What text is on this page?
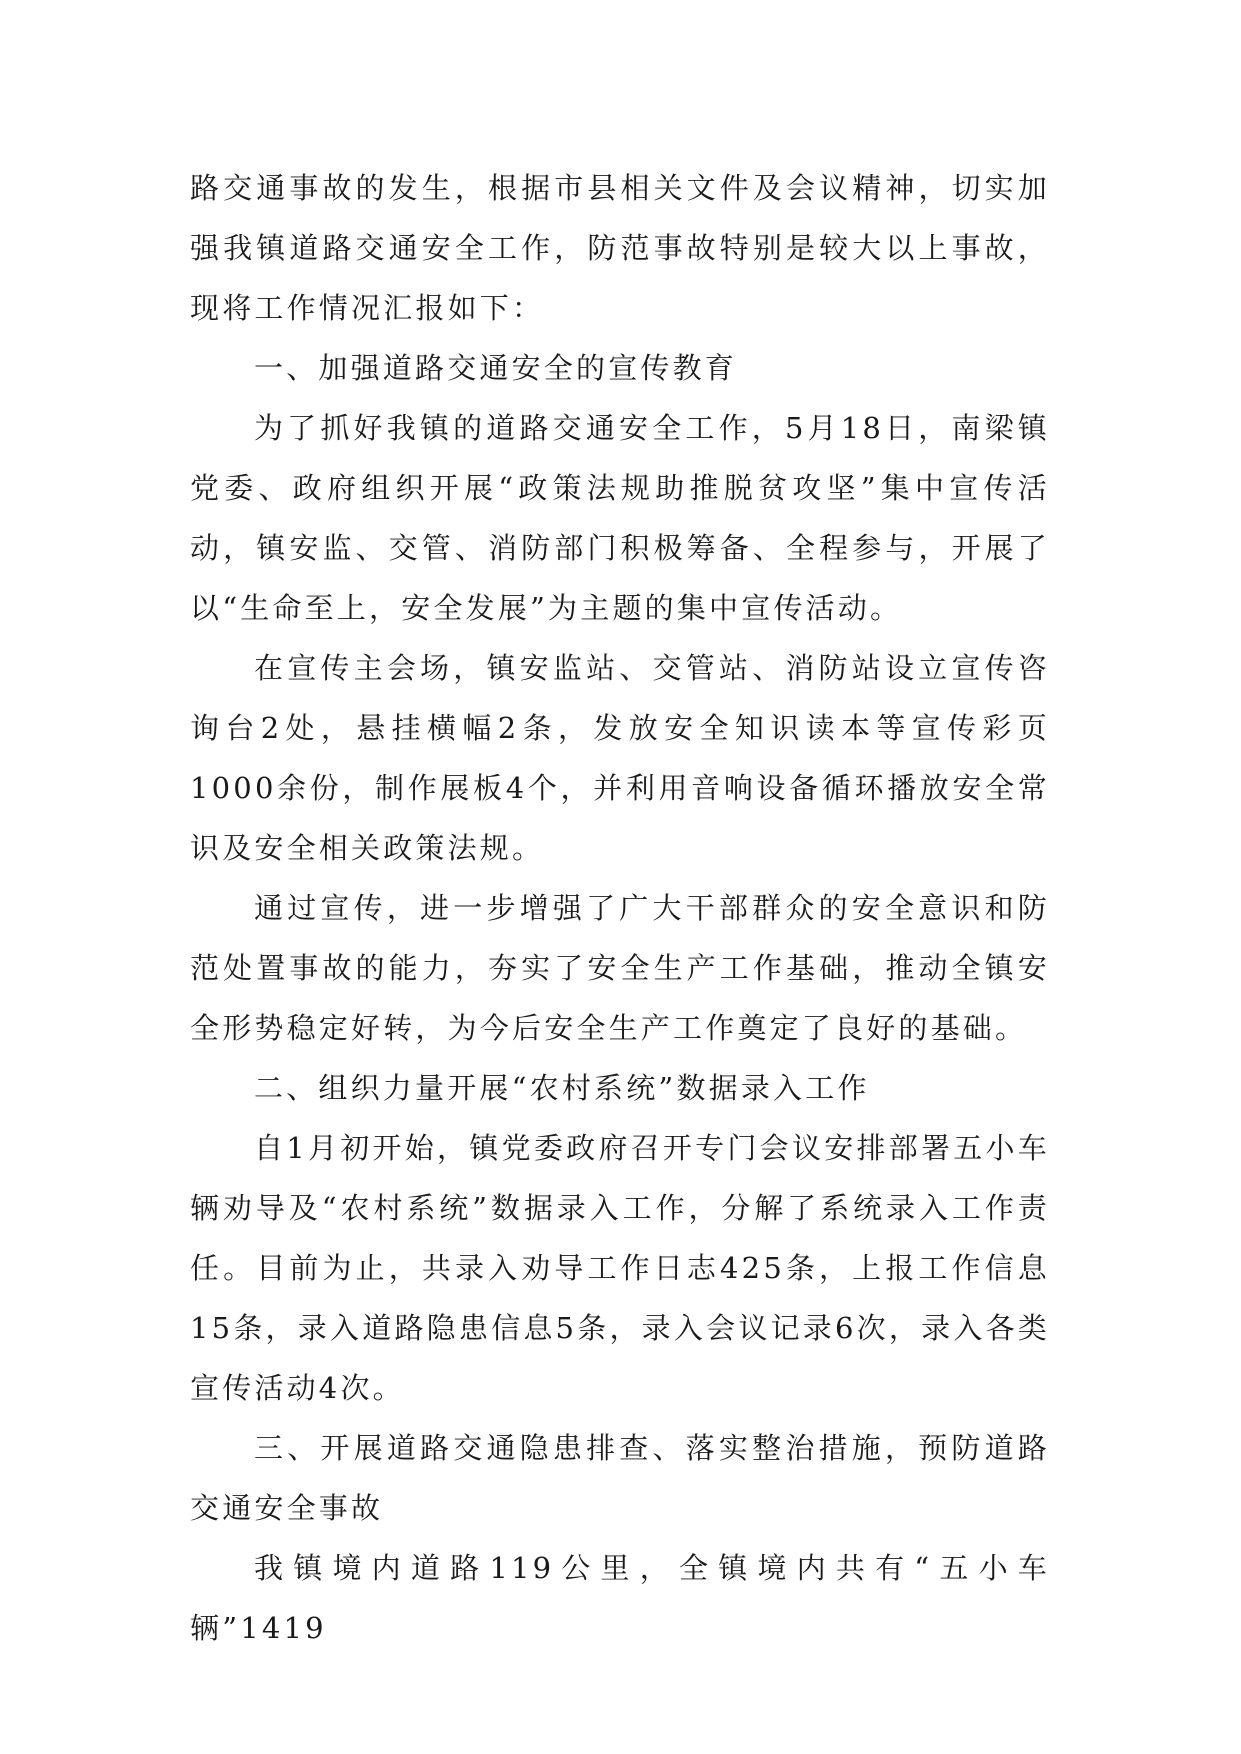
路交通事故的发生，根据市县相关文件及会议精神，切实加强我镇道路交通安全工作，防范事故特别是较大以上事故，现将工作情况汇报如下：

一、加强道路交通安全的宣传教育

为了抓好我镇的道路交通安全工作，5月18日，南梁镇党委、政府组织开展“政策法规助推脱贫攻坚”集中宣传活动，镇安监、交管、消防部门积极筹备、全程参与，开展了以“生命至上，安全发展”为主题的集中宣传活动。

在宣传主会场，镇安监站、交管站、消防站设立宣传咨询台2处，悬挂横幅2条，发放安全知识读本等宣传彩页1000余份，制作展板4个，并利用音响设备循环播放安全常识及安全相关政策法规。

通过宣传，进一步增强了广大干部群众的安全意识和防范处置事故的能力，夯实了安全生产工作基础，推动全镇安全形势稳定好转，为今后安全生产工作奠定了良好的基础。

二、组织力量开展“农村系统”数据录入工作

自1月初开始，镇党委政府召开专门会议安排部署五小车辆劝导及“农村系统”数据录入工作，分解了系统录入工作责任。目前为止，共录入劝导工作日志425条，上报工作信息15条，录入道路隐患信息5条，录入会议记录6次，录入各类宣传活动4次。

三、开展道路交通隐患排查、落实整治措施，预防道路交通安全事故

我镇境内道路119公里，全镇境内共有“五小车辆”1419
